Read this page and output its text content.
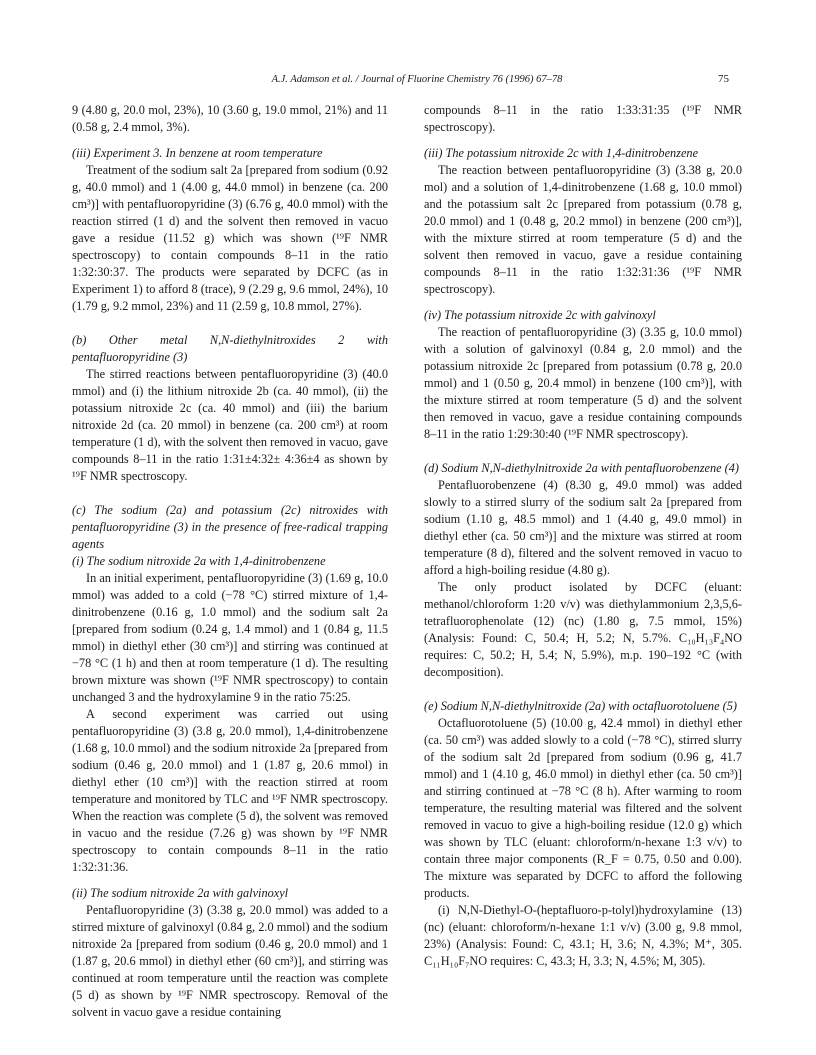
A.J. Adamson et al. / Journal of Fluorine Chemistry 76 (1996) 67–78	75

9 (4.80 g, 20.0 mol, 23%), 10 (3.60 g, 19.0 mmol, 21%) and 11 (0.58 g, 2.4 mmol, 3%).

(iii) Experiment 3. In benzene at room temperature

Treatment of the sodium salt 2a [prepared from sodium (0.92 g, 40.0 mmol) and 1 (4.00 g, 44.0 mmol) in benzene (ca. 200 cm³)] with pentafluoropyridine (3) (6.76 g, 40.0 mmol) with the reaction stirred (1 d) and the solvent then removed in vacuo gave a residue (11.52 g) which was shown (¹⁹F NMR spectroscopy) to contain compounds 8–11 in the ratio 1:32:30:37. The products were separated by DCFC (as in Experiment 1) to afford 8 (trace), 9 (2.29 g, 9.6 mmol, 24%), 10 (1.79 g, 9.2 mmol, 23%) and 11 (2.59 g, 10.8 mmol, 27%).

(b) Other metal N,N-diethylnitroxides 2 with pentafluoropyridine (3)

The stirred reactions between pentafluoropyridine (3) (40.0 mmol) and (i) the lithium nitroxide 2b (ca. 40 mmol), (ii) the potassium nitroxide 2c (ca. 40 mmol) and (iii) the barium nitroxide 2d (ca. 20 mmol) in benzene (ca. 200 cm³) at room temperature (1 d), with the solvent then removed in vacuo, gave compounds 8–11 in the ratio 1:31±4:32± 4:36±4 as shown by ¹⁹F NMR spectroscopy.

(c) The sodium (2a) and potassium (2c) nitroxides with pentafluoropyridine (3) in the presence of free-radical trapping agents

(i) The sodium nitroxide 2a with 1,4-dinitrobenzene

In an initial experiment, pentafluoropyridine (3) (1.69 g, 10.0 mmol) was added to a cold (−78 °C) stirred mixture of 1,4-dinitrobenzene (0.16 g, 1.0 mmol) and the sodium salt 2a [prepared from sodium (0.24 g, 1.4 mmol) and 1 (0.84 g, 11.5 mmol) in diethyl ether (30 cm³)] and stirring was continued at −78 °C (1 h) and then at room temperature (1 d). The resulting brown mixture was shown (¹⁹F NMR spectroscopy) to contain unchanged 3 and the hydroxylamine 9 in the ratio 75:25.

A second experiment was carried out using pentafluoropyridine (3) (3.8 g, 20.0 mmol), 1,4-dinitrobenzene (1.68 g, 10.0 mmol) and the sodium nitroxide 2a [prepared from sodium (0.46 g, 20.0 mmol) and 1 (1.87 g, 20.6 mmol) in diethyl ether (10 cm³)] with the reaction stirred at room temperature and monitored by TLC and ¹⁹F NMR spectroscopy. When the reaction was complete (5 d), the solvent was removed in vacuo and the residue (7.26 g) was shown by ¹⁹F NMR spectroscopy to contain compounds 8–11 in the ratio 1:32:31:36.

(ii) The sodium nitroxide 2a with galvinoxyl

Pentafluoropyridine (3) (3.38 g, 20.0 mmol) was added to a stirred mixture of galvinoxyl (0.84 g, 2.0 mmol) and the sodium nitroxide 2a [prepared from sodium (0.46 g, 20.0 mmol) and 1 (1.87 g, 20.6 mmol) in diethyl ether (60 cm³)], and stirring was continued at room temperature until the reaction was complete (5 d) as shown by ¹⁹F NMR spectroscopy. Removal of the solvent in vacuo gave a residue containing

compounds 8–11 in the ratio 1:33:31:35 (¹⁹F NMR spectroscopy).

(iii) The potassium nitroxide 2c with 1,4-dinitrobenzene

The reaction between pentafluoropyridine (3) (3.38 g, 20.0 mol) and a solution of 1,4-dinitrobenzene (1.68 g, 10.0 mmol) and the potassium salt 2c [prepared from potassium (0.78 g, 20.0 mmol) and 1 (0.48 g, 20.2 mmol) in benzene (200 cm³)], with the mixture stirred at room temperature (5 d) and the solvent then removed in vacuo, gave a residue containing compounds 8–11 in the ratio 1:32:31:36 (¹⁹F NMR spectroscopy).

(iv) The potassium nitroxide 2c with galvinoxyl

The reaction of pentafluoropyridine (3) (3.35 g, 10.0 mmol) with a solution of galvinoxyl (0.84 g, 2.0 mmol) and the potassium nitroxide 2c [prepared from potassium (0.78 g, 20.0 mmol) and 1 (0.50 g, 20.4 mmol) in benzene (100 cm³)], with the mixture stirred at room temperature (5 d) and the solvent then removed in vacuo, gave a residue containing compounds 8–11 in the ratio 1:29:30:40 (¹⁹F NMR spectroscopy).

(d) Sodium N,N-diethylnitroxide 2a with pentafluorobenzene (4)

Pentafluorobenzene (4) (8.30 g, 49.0 mmol) was added slowly to a stirred slurry of the sodium salt 2a [prepared from sodium (1.10 g, 48.5 mmol) and 1 (4.40 g, 49.0 mmol) in diethyl ether (ca. 50 cm³)] and the mixture was stirred at room temperature (8 d), filtered and the solvent removed in vacuo to afford a high-boiling residue (4.80 g).

The only product isolated by DCFC (eluant: methanol/chloroform 1:20 v/v) was diethylammonium 2,3,5,6-tetrafluorophenolate (12) (nc) (1.80 g, 7.5 mmol, 15%) (Analysis: Found: C, 50.4; H, 5.2; N, 5.7%. C₁₀H₁₃F₄NO requires: C, 50.2; H, 5.4; N, 5.9%), m.p. 190–192 °C (with decomposition).

(e) Sodium N,N-diethylnitroxide (2a) with octafluorotoluene (5)

Octafluorotoluene (5) (10.00 g, 42.4 mmol) in diethyl ether (ca. 50 cm³) was added slowly to a cold (−78 °C), stirred slurry of the sodium salt 2d [prepared from sodium (0.96 g, 41.7 mmol) and 1 (4.10 g, 46.0 mmol) in diethyl ether (ca. 50 cm³)] and stirring continued at −78 °C (8 h). After warming to room temperature, the resulting material was filtered and the solvent removed in vacuo to give a high-boiling residue (12.0 g) which was shown by TLC (eluant: chloroform/n-hexane 1:3 v/v) to contain three major components (R_F = 0.75, 0.50 and 0.00). The mixture was separated by DCFC to afford the following products.

(i) N,N-Diethyl-O-(heptafluoro-p-tolyl)hydroxylamine (13) (nc) (eluant: chloroform/n-hexane 1:1 v/v) (3.00 g, 9.8 mmol, 23%) (Analysis: Found: C, 43.1; H, 3.6; N, 4.3%; M⁺, 305. C₁₁H₁₀F₇NO requires: C, 43.3; H, 3.3; N, 4.5%; M, 305).
